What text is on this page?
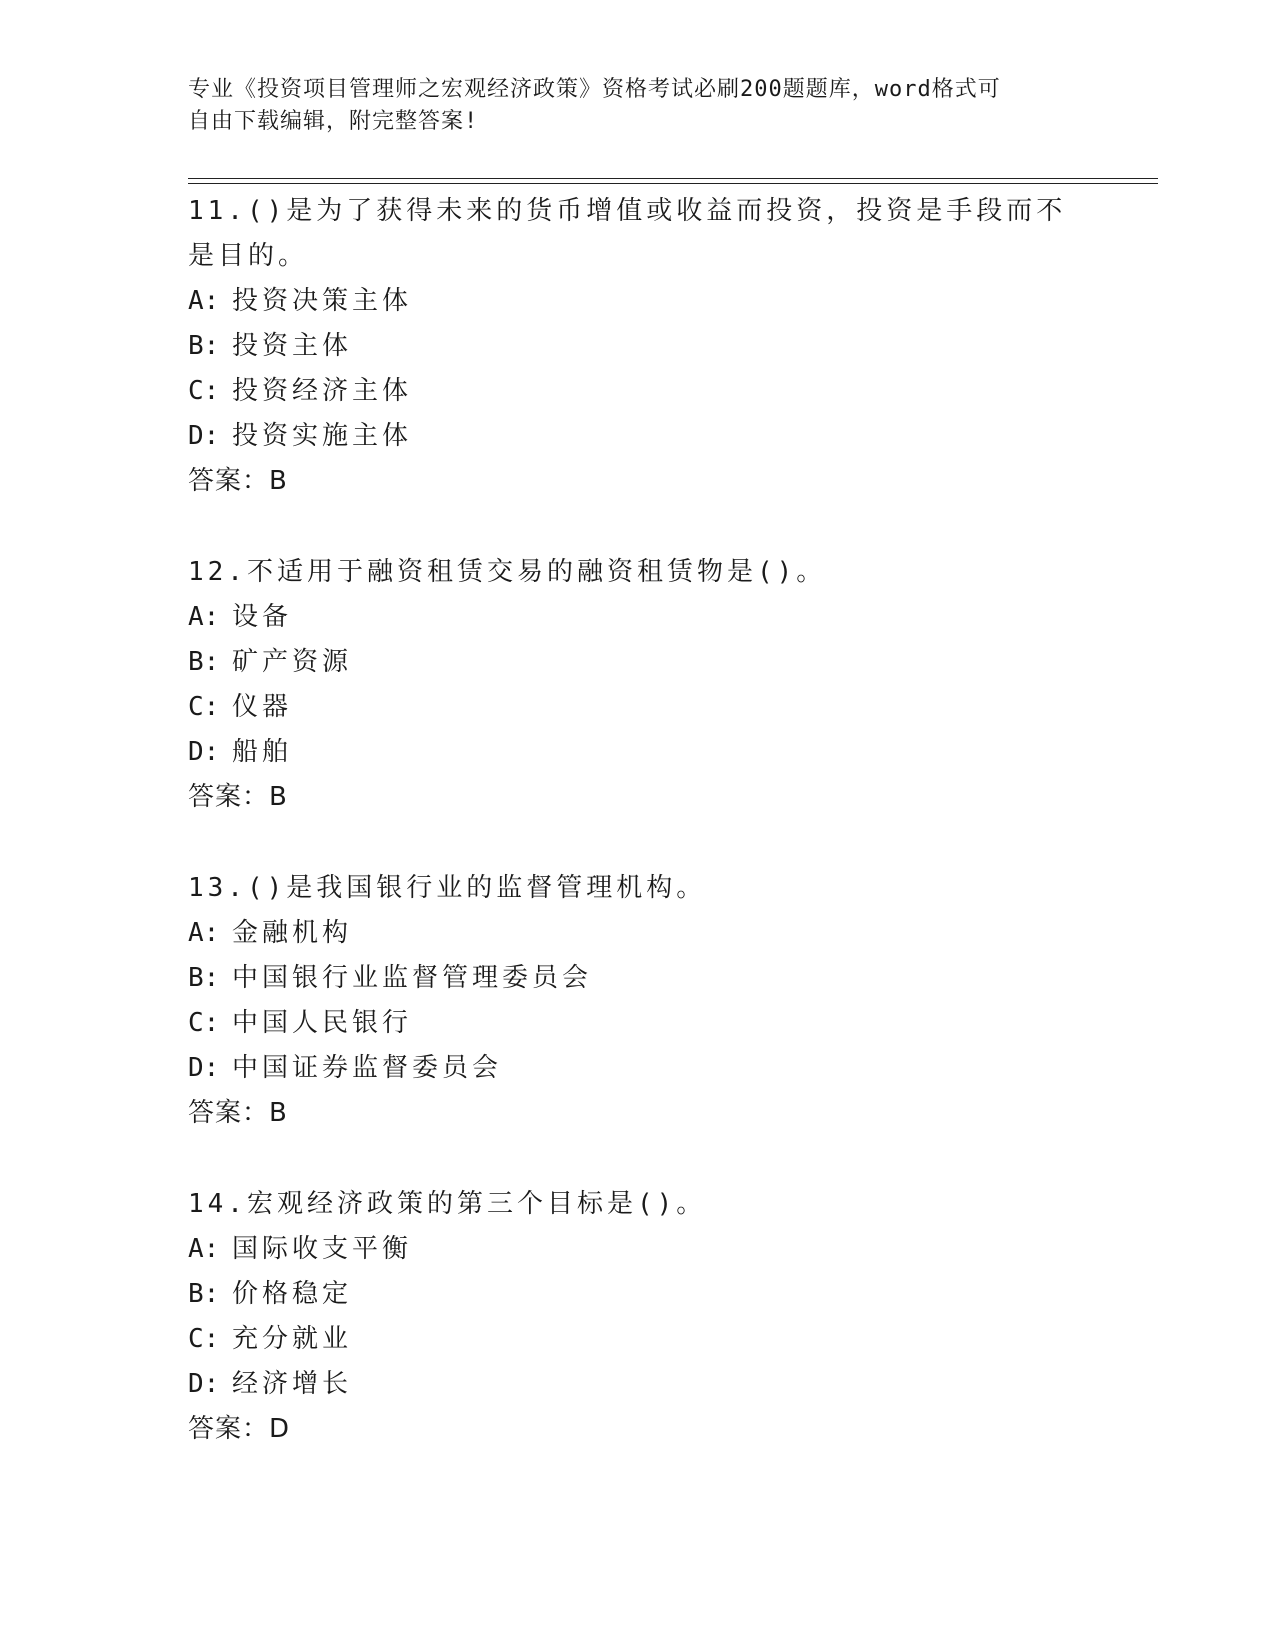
专业《投资项目管理师之宏观经济政策》资格考试必刷200题题库，word格式可
自由下载编辑，附完整答案!
11.()是为了获得未来的货币增值或收益而投资，投资是手段而不是目的。
A: 投资决策主体
B: 投资主体
C: 投资经济主体
D: 投资实施主体
答案：B
12.不适用于融资租赁交易的融资租赁物是()。
A: 设备
B: 矿产资源
C: 仪器
D: 船舶
答案：B
13.()是我国银行业的监督管理机构。
A: 金融机构
B: 中国银行业监督管理委员会
C: 中国人民银行
D: 中国证券监督委员会
答案：B
14.宏观经济政策的第三个目标是()。
A: 国际收支平衡
B: 价格稳定
C: 充分就业
D: 经济增长
答案：D
